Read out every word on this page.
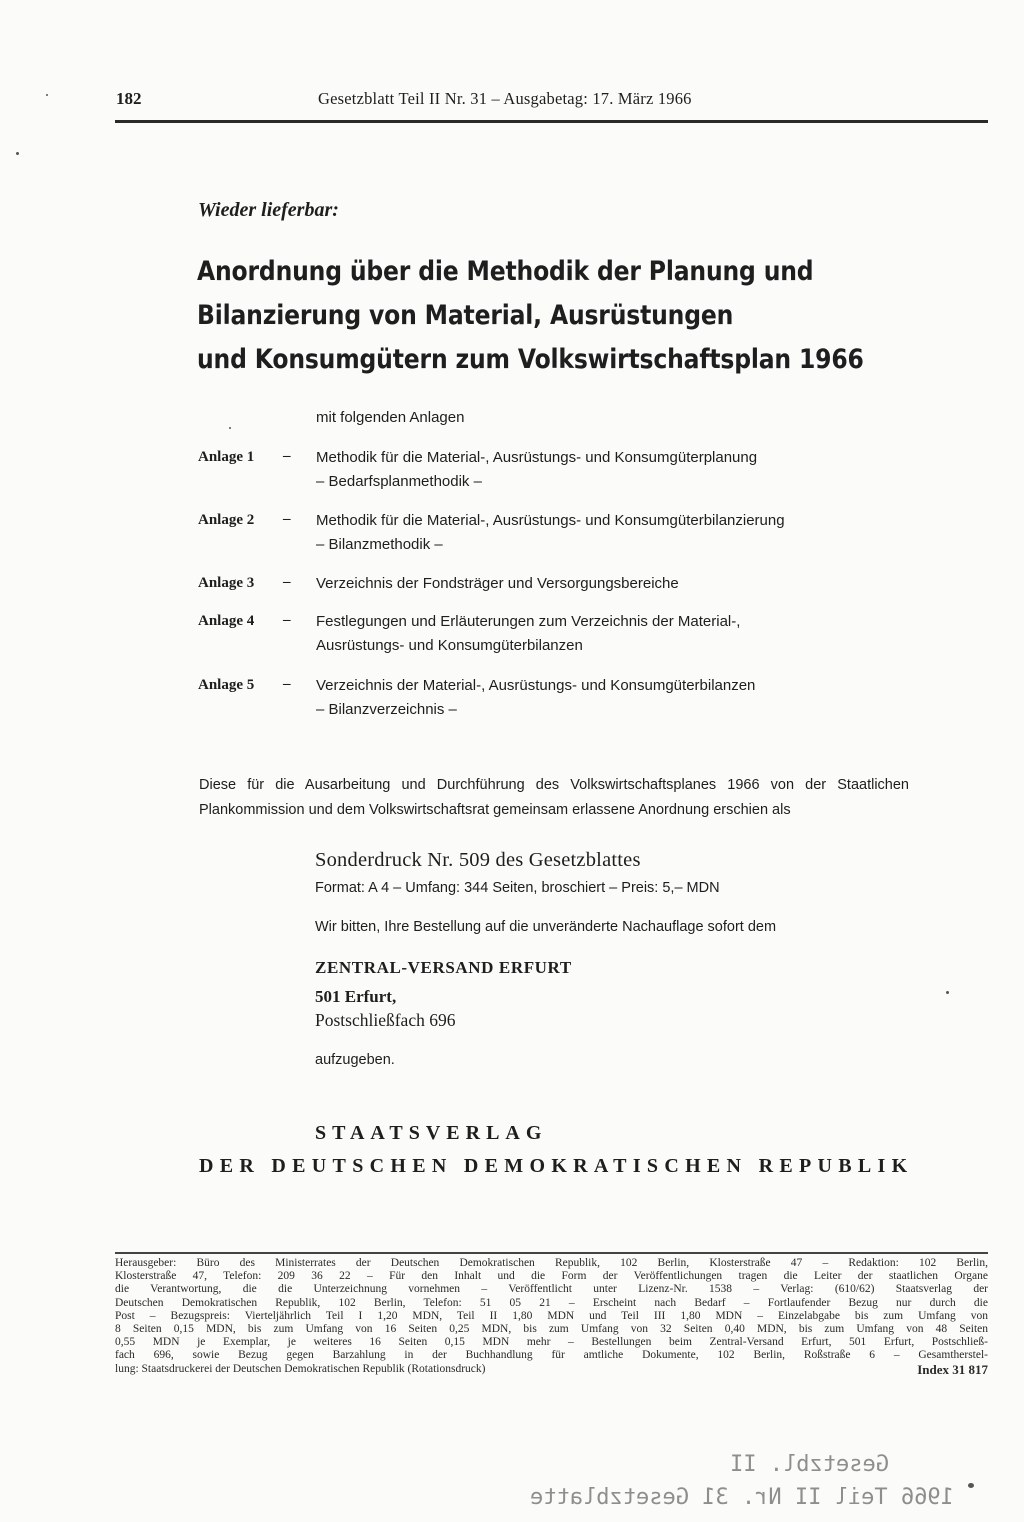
182	Gesetzblatt Teil II Nr. 31 – Ausgabetag: 17. März 1966
Wieder lieferbar:
Anordnung über die Methodik der Planung und
Bilanzierung von Material, Ausrüstungen
und Konsumgütern zum Volkswirtschaftsplan 1966
mit folgenden Anlagen
Anlage 1 – Methodik für die Material-, Ausrüstungs- und Konsumgüterplanung
– Bedarfsplanmethodik –
Anlage 2 – Methodik für die Material-, Ausrüstungs- und Konsumgüterbilanzierung
– Bilanzmethodik –
Anlage 3 – Verzeichnis der Fondsträger und Versorgungsbereiche
Anlage 4 – Festlegungen und Erläuterungen zum Verzeichnis der Material-,
Ausrüstungs- und Konsumgüterbilanzen
Anlage 5 – Verzeichnis der Material-, Ausrüstungs- und Konsumgüterbilanzen
– Bilanzverzeichnis –
Diese für die Ausarbeitung und Durchführung des Volkswirtschaftsplanes 1966 von der Staatlichen Plankommission und dem Volkswirtschaftsrat gemeinsam erlassene Anordnung erschien als
Sonderdruck Nr. 509 des Gesetzblattes
Format: A 4 – Umfang: 344 Seiten, broschiert – Preis: 5,– MDN
Wir bitten, Ihre Bestellung auf die unveränderte Nachauflage sofort dem
ZENTRAL-VERSAND ERFURT
501 Erfurt,
Postschließfach 696
aufzugeben.
STAATSVERLAG
DER DEUTSCHEN DEMOKRATISCHEN REPUBLIK
Herausgeber: Büro des Ministerrates der Deutschen Demokratischen Republik, 102 Berlin, Klosterstraße 47 – Redaktion: 102 Berlin,
Klosterstraße 47, Telefon: 209 36 22 – Für den Inhalt und die Form der Veröffentlichungen tragen die Leiter der staatlichen Organe
die Verantwortung, die die Unterzeichnung vornehmen – Veröffentlicht unter Lizenz-Nr. 1538 – Verlag: (610/62) Staatsverlag der
Deutschen Demokratischen Republik, 102 Berlin, Telefon: 51 05 21 – Erscheint nach Bedarf – Fortlaufender Bezug nur durch die
Post – Bezugspreis: Vierteljährlich Teil I 1,20 MDN, Teil II 1,80 MDN und Teil III 1,80 MDN – Einzelabgabe bis zum Umfang von
8 Seiten 0,15 MDN, bis zum Umfang von 16 Seiten 0,25 MDN, bis zum Umfang von 32 Seiten 0,40 MDN, bis zum Umfang von 48 Seiten
0,55 MDN je Exemplar, je weiteres 16 Seiten 0,15 MDN mehr – Bestellungen beim Zentral-Versand Erfurt, 501 Erfurt, Postschließ-
fach 696, sowie Bezug gegen Barzahlung in der Buchhandlung für amtliche Dokumente, 102 Berlin, Roßstraße 6 – Gesamtherstel-
lung: Staatsdruckerei der Deutschen Demokratischen Republik (Rotationsdruck)	Index 31 817
Gesetzbl. II
1966 Teil II Nr. 31 Gesetzblatte
